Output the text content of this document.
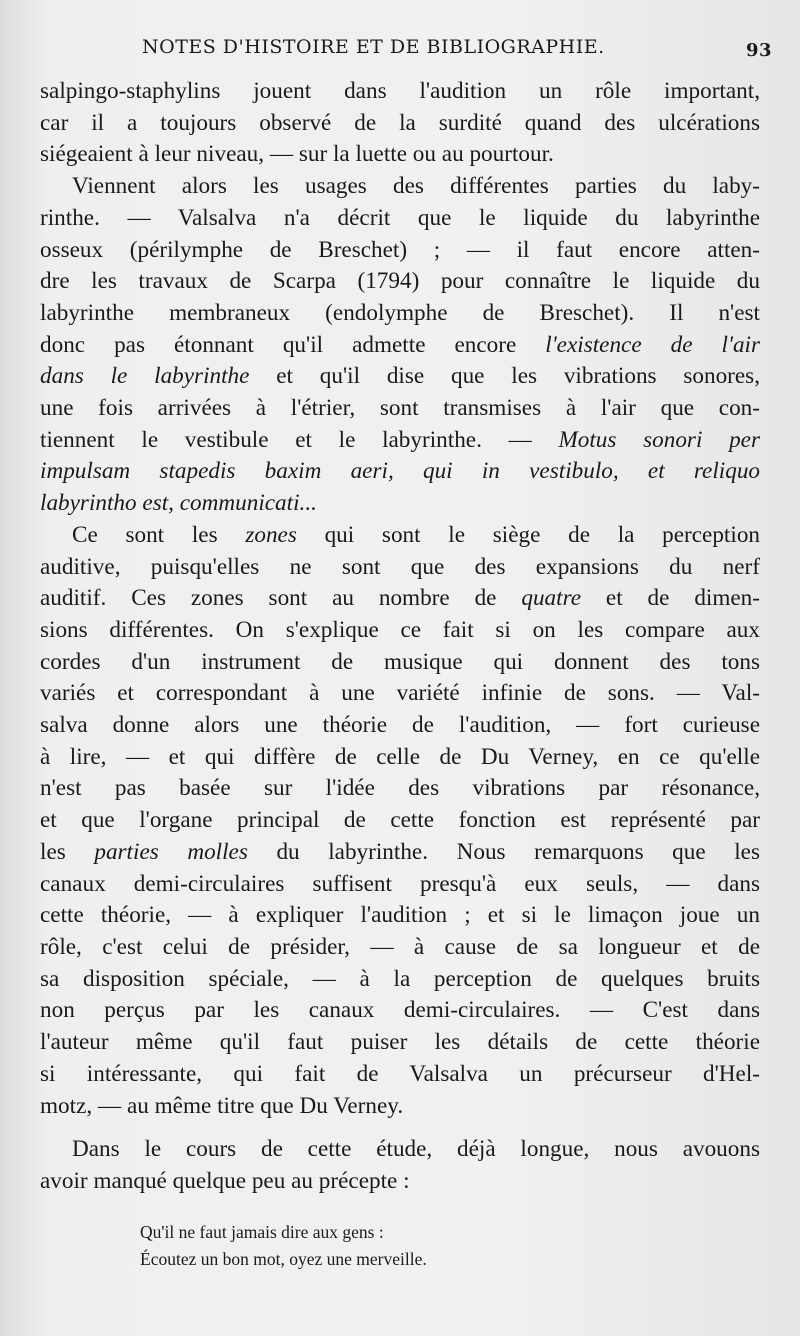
NOTES D'HISTOIRE ET DE BIBLIOGRAPHIE.	93
salpingo-staphylins jouent dans l'audition un rôle important,
car il a toujours observé de la surdité quand des ulcérations
siégeaient à leur niveau, — sur la luette ou au pourtour.
Viennent alors les usages des différentes parties du laby-
rinthe. — Valsalva n'a décrit que le liquide du labyrinthe
osseux (périlymphe de Breschet) ; — il faut encore atten-
dre les travaux de Scarpa (1794) pour connaître le liquide du
labyrinthe membraneux (endolymphe de Breschet). Il n'est
donc pas étonnant qu'il admette encore l'existence de l'air
dans le labyrinthe et qu'il dise que les vibrations sonores,
une fois arrivées à l'étrier, sont transmises à l'air que con-
tiennent le vestibule et le labyrinthe. — Motus sonori per
impulsam stapedis baxim aeri, qui in vestibulo, et reliquo
labyrintho est, communicati...
Ce sont les zones qui sont le siège de la perception
auditive, puisqu'elles ne sont que des expansions du nerf
auditif. Ces zones sont au nombre de quatre et de dimen-
sions différentes. On s'explique ce fait si on les compare aux
cordes d'un instrument de musique qui donnent des tons
variés et correspondant à une variété infinie de sons. — Val-
salva donne alors une théorie de l'audition, — fort curieuse
à lire, — et qui diffère de celle de Du Verney, en ce qu'elle
n'est pas basée sur l'idée des vibrations par résonance,
et que l'organe principal de cette fonction est représenté par
les parties molles du labyrinthe. Nous remarquons que les
canaux demi-circulaires suffisent presqu'à eux seuls, — dans
cette théorie, — à expliquer l'audition ; et si le limaçon joue un
rôle, c'est celui de présider, — à cause de sa longueur et de
sa disposition spéciale, — à la perception de quelques bruits
non perçus par les canaux demi-circulaires. — C'est dans
l'auteur même qu'il faut puiser les détails de cette théorie
si intéressante, qui fait de Valsalva un précurseur d'Hel-
motz, — au même titre que Du Verney.
Dans le cours de cette étude, déjà longue, nous avouons
avoir manqué quelque peu au précepte :
Qu'il ne faut jamais dire aux gens :
Écoutez un bon mot, oyez une merveille.
